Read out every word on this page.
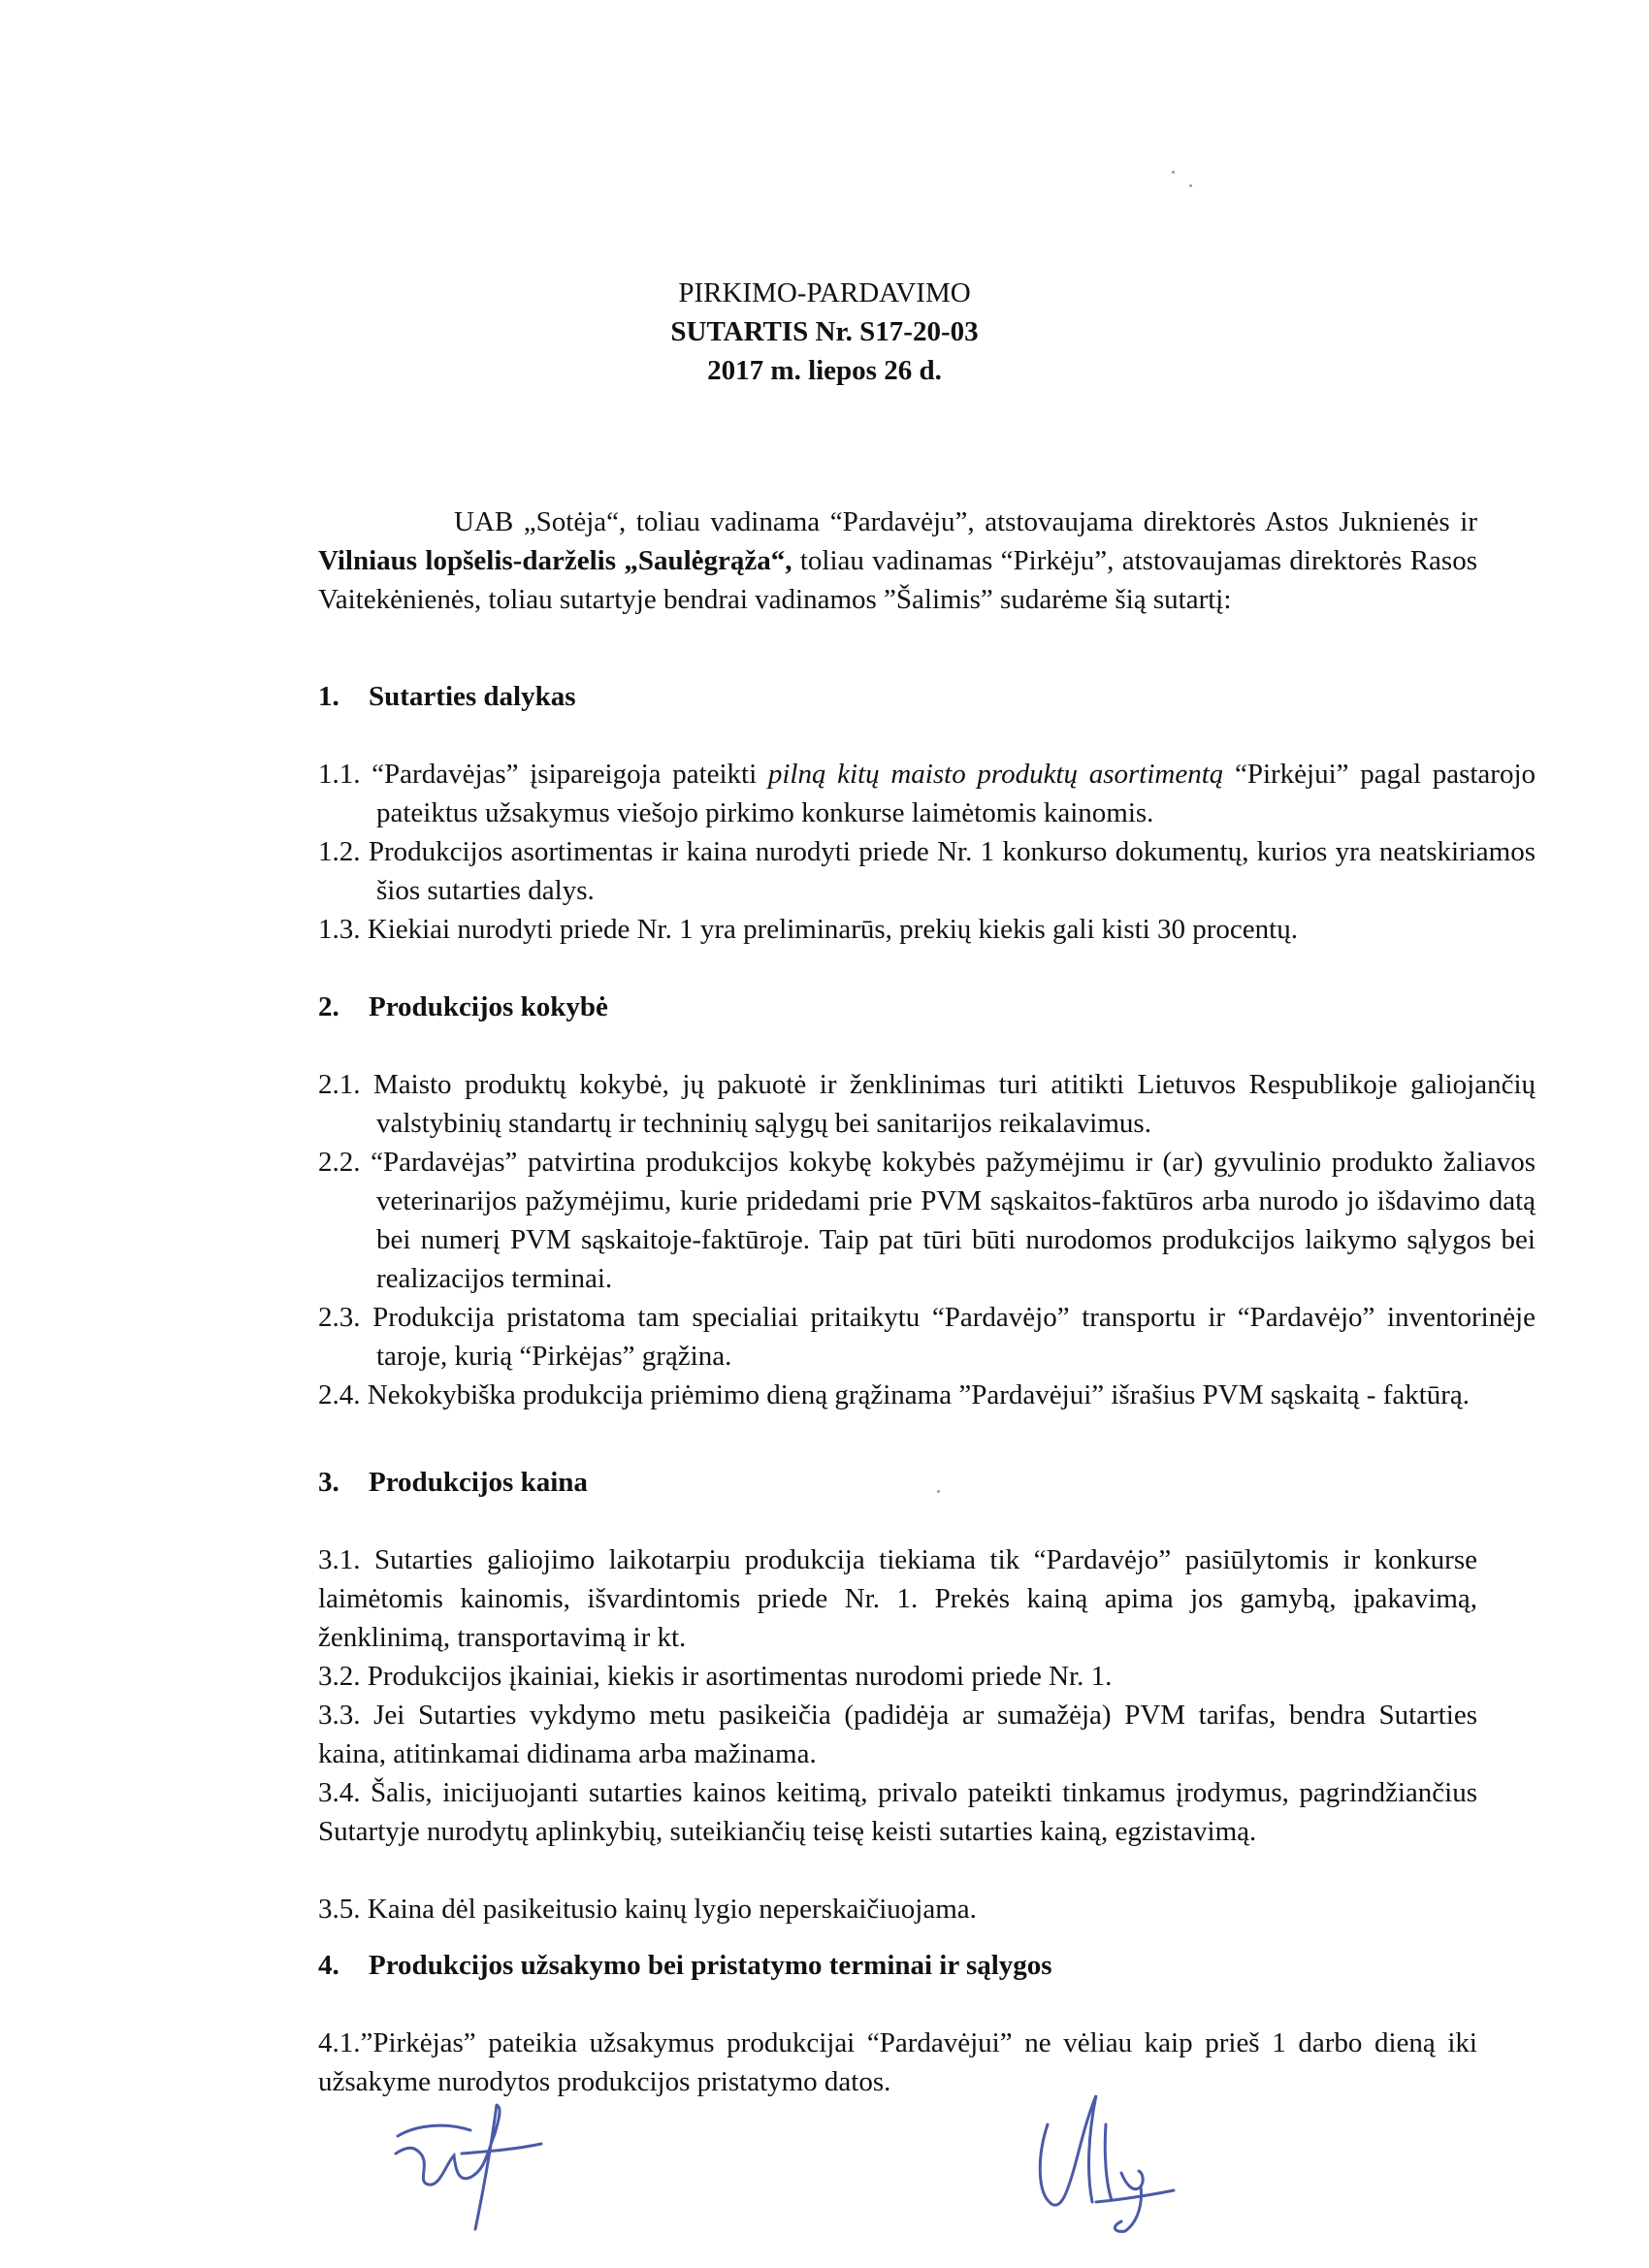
PIRKIMO-PARDAVIMO
SUTARTIS Nr. S17-20-03
2017 m. liepos 26 d.
UAB „Sotėja“, toliau vadinama “Pardavėju”, atstovaujama direktorės Astos Juknienės ir Vilniaus lopšelis-darželis „Saulėgrąža“, toliau vadinamas “Pirkėju”, atstovaujamas direktorės Rasos Vaitekėnienės, toliau sutartyje bendrai vadinamos ”Šalimis” sudarėme šią sutartį:
1. Sutarties dalykas
1.1. “Pardavėjas” įsipareigoja pateikti pilną kitų maisto produktų asortimentą “Pirkėjui” pagal pastarojo pateiktus užsakymus viešojo pirkimo konkurse laimėtomis kainomis.
1.2. Produkcijos asortimentas ir kaina nurodyti priede Nr. 1 konkurso dokumentų, kurios yra neatskiriamos šios sutarties dalys.
1.3. Kiekiai nurodyti priede Nr. 1 yra preliminarūs, prekių kiekis gali kisti 30 procentų.
2. Produkcijos kokybė
2.1. Maisto produktų kokybė, jų pakuotė ir ženklinimas turi atitikti Lietuvos Respublikoje galiojančių valstybinių standartų ir techninių sąlygų bei sanitarijos reikalavimus.
2.2. “Pardavėjas” patvirtina produkcijos kokybę kokybės pažymėjimu ir (ar) gyvulinio produkto žaliavos veterinarijos pažymėjimu, kurie pridedami prie PVM sąskaitos-faktūros arba nurodo jo išdavimo datą bei numerį PVM sąskaitoje-faktūroje. Taip pat tūri būti nurodomos produkcijos laikymo sąlygos bei realizacijos terminai.
2.3. Produkcija pristatoma tam specialiai pritaikytu “Pardavėjo” transportu ir “Pardavėjo” inventorinėje taroje, kurią “Pirkėjas” grąžina.
2.4. Nekokybiška produkcija priėmimo dieną grąžinama ”Pardavėjui” išrašius PVM sąskaitą - faktūrą.
3. Produkcijos kaina
3.1. Sutarties galiojimo laikotarpiu produkcija tiekiama tik “Pardavėjo” pasiūlytomis ir konkurse laimėtomis kainomis, išvardintomis priede Nr. 1. Prekės kainą apima jos gamybą, įpakavimą, ženklinimą, transportavimą ir kt.
3.2. Produkcijos įkainiai, kiekis ir asortimentas nurodomi priede Nr. 1.
3.3. Jei Sutarties vykdymo metu pasikeičia (padidėja ar sumažėja) PVM tarifas, bendra Sutarties kaina, atitinkamai didinama arba mažinama.
3.4. Šalis, inicijuojanti sutarties kainos keitimą, privalo pateikti tinkamus įrodymus, pagrindžiančius Sutartyje nurodytų aplinkybių, suteikiančių teisę keisti sutarties kainą, egzistavimą.
3.5. Kaina dėl pasikeitusio kainų lygio neperskaičiuojama.
4. Produkcijos užsakymo bei pristatymo terminai ir sąlygos
4.1.”Pirkėjas” pateikia užsakymus produkcijai “Pardavėjui” ne vėliau kaip prieš 1 darbo dieną iki užsakyme nurodytos produkcijos pristatymo datos.
